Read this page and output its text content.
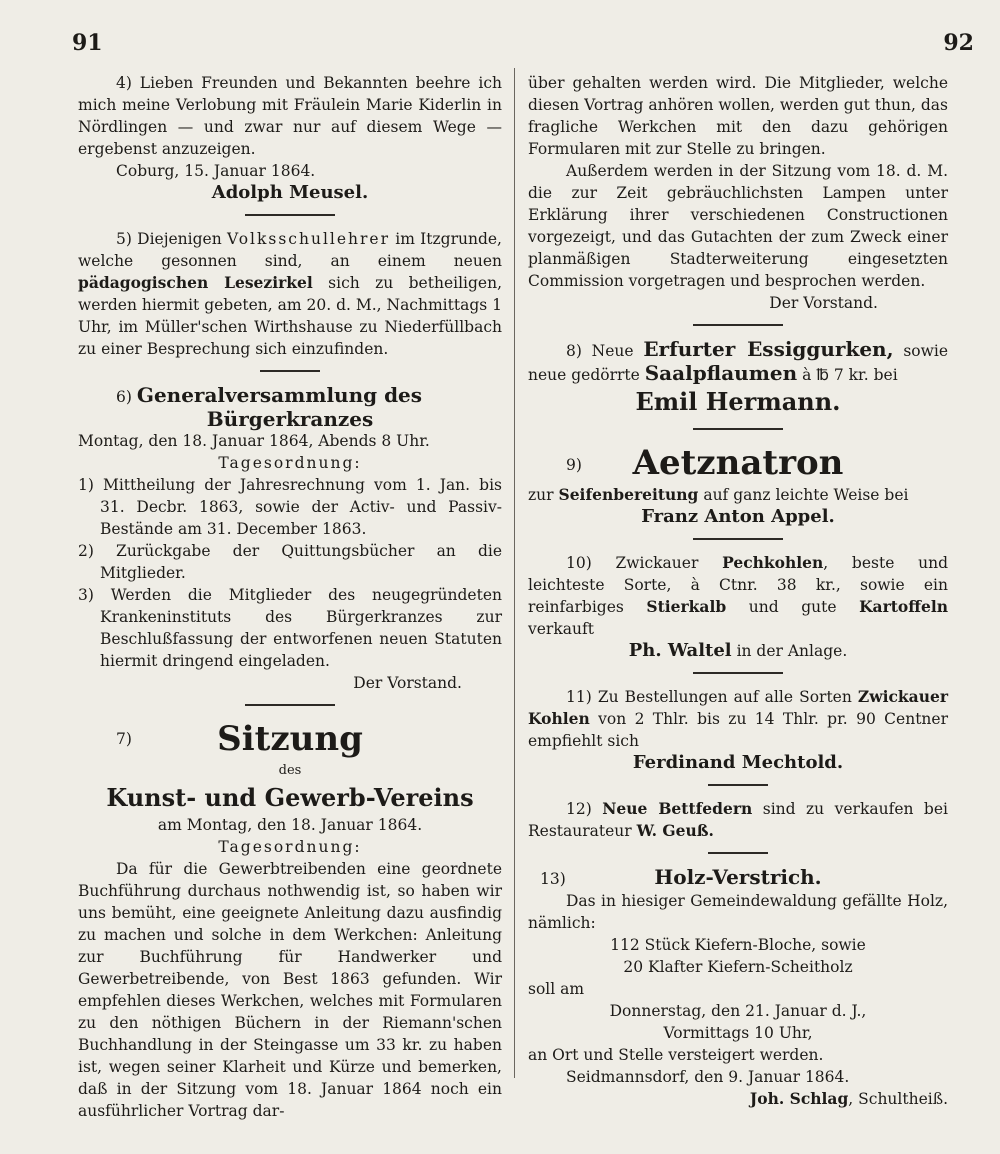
91	92

4) Lieben Freunden und Bekannten beehre ich mich meine Verlobung mit Fräulein Marie Kiderlin in Nördlingen — und zwar nur auf diesem Wege — ergebenst anzuzeigen.

Coburg, 15. Januar 1864.

Adolph Meusel.

5) Diejenigen Volksschullehrer im Itzgrunde, welche gesonnen sind, an einem neuen pädagogischen Lesezirkel sich zu betheiligen, werden hiermit gebeten, am 20. d. M., Nachmittags 1 Uhr, im Müller'schen Wirthshause zu Niederfüllbach zu einer Besprechung sich einzufinden.

6) Generalversammlung des

Bürgerkranzes

Montag, den 18. Januar 1864, Abends 8 Uhr.

Tagesordnung:

1) Mittheilung der Jahresrechnung vom 1. Jan. bis 31. Decbr. 1863, sowie der Activ- und Passiv-Bestände am 31. December 1863.

2) Zurückgabe der Quittungsbücher an die Mitglieder.

3) Werden die Mitglieder des neugegründeten Krankeninstituts des Bürgerkranzes zur Beschlußfassung der entworfenen neuen Statuten hiermit dringend eingeladen.

Der Vorstand.

7)	Sitzung

des

Kunst- und Gewerb-Vereins

am Montag, den 18. Januar 1864.

Tagesordnung:

Da für die Gewerbtreibenden eine geordnete Buchführung durchaus nothwendig ist, so haben wir uns bemüht, eine geeignete Anleitung dazu ausfindig zu machen und solche in dem Werkchen: Anleitung zur Buchführung für Handwerker und Gewerbetreibende, von Best 1863 gefunden. Wir empfehlen dieses Werkchen, welches mit Formularen zu den nöthigen Büchern in der Riemann'schen Buchhandlung in der Steingasse um 33 kr. zu haben ist, wegen seiner Klarheit und Kürze und bemerken, daß in der Sitzung vom 18. Januar 1864 noch ein ausführlicher Vortrag dar-

über gehalten werden wird. Die Mitglieder, welche diesen Vortrag anhören wollen, werden gut thun, das fragliche Werkchen mit den dazu gehörigen Formularen mit zur Stelle zu bringen.

Außerdem werden in der Sitzung vom 18. d. M. die zur Zeit gebräuchlichsten Lampen unter Erklärung ihrer verschiedenen Constructionen vorgezeigt, und das Gutachten der zum Zweck einer planmäßigen Stadterweiterung eingesetzten Commission vorgetragen und besprochen werden.

Der Vorstand.

8) Neue Erfurter Essiggurken, sowie neue gedörrte Saalpflaumen à ℔ 7 kr. bei

Emil Hermann.

9) Aetznatron

zur Seifenbereitung auf ganz leichte Weise bei

Franz Anton Appel.

10) Zwickauer Pechkohlen, beste und leichteste Sorte, à Ctnr. 38 kr., sowie ein reinfarbiges Stierkalb und gute Kartoffeln verkauft

Ph. Waltel in der Anlage.

11) Zu Bestellungen auf alle Sorten Zwickauer Kohlen von 2 Thlr. bis zu 14 Thlr. pr. 90 Centner empfiehlt sich

Ferdinand Mechtold.

12) Neue Bettfedern sind zu verkaufen bei Restaurateur W. Geuß.

13)	Holz-Verstrich.

Das in hiesiger Gemeindewaldung gefällte Holz, nämlich:

112 Stück Kiefern-Bloche, sowie

20 Klafter Kiefern-Scheitholz

soll am

Donnerstag, den 21. Januar d. J.,

Vormittags 10 Uhr,

an Ort und Stelle versteigert werden.

Seidmannsdorf, den 9. Januar 1864.

Joh. Schlag, Schultheiß.
